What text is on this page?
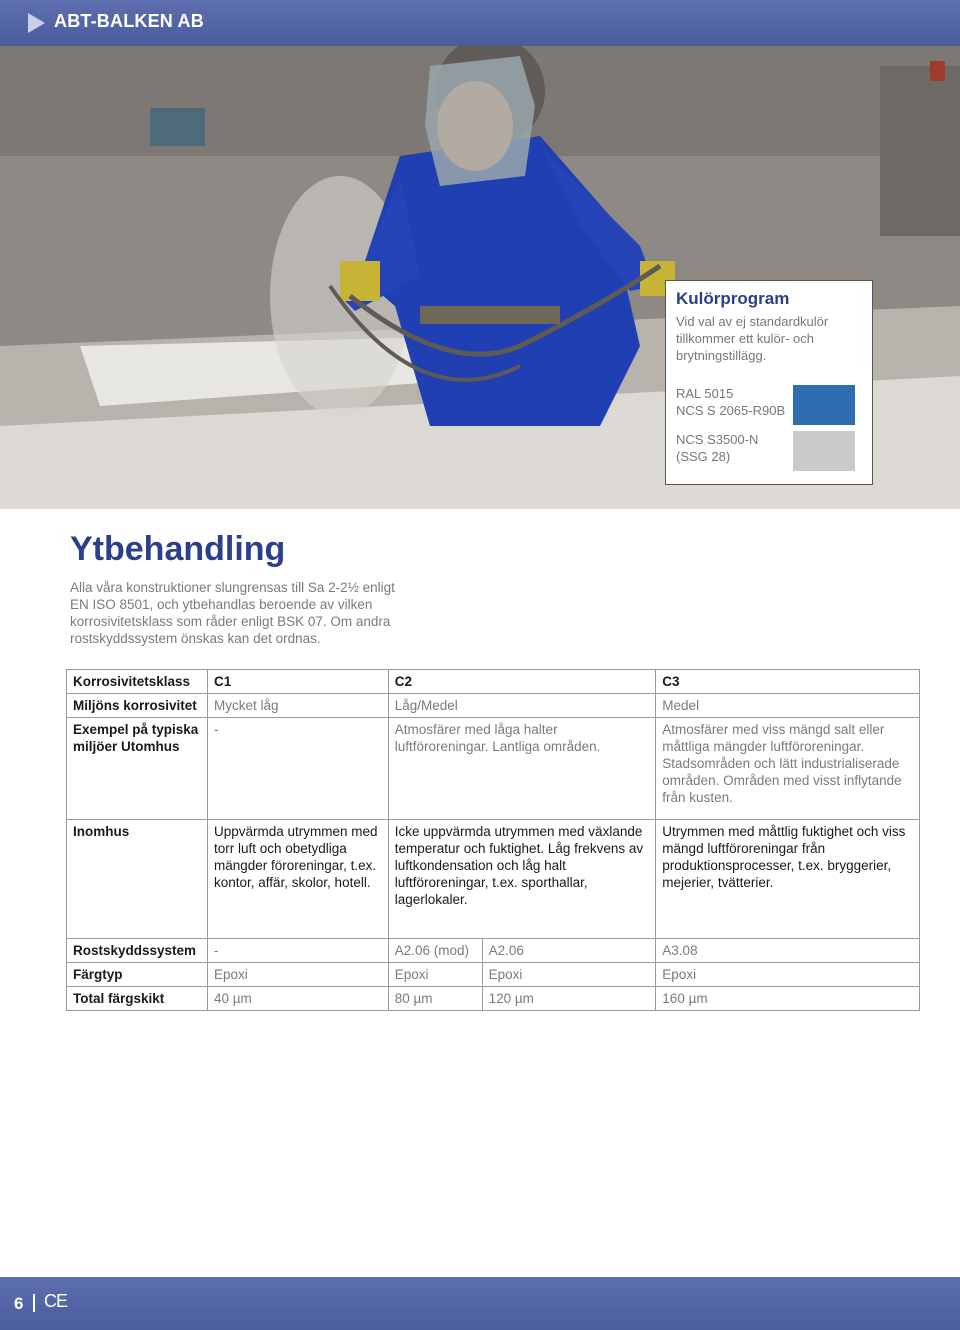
ABT-BALKEN AB
Kulörprogram
Vid val av ej standardkulör tillkommer ett kulör- och brytningstillägg.
RAL 5015
NCS S 2065-R90B
NCS S3500-N
(SSG 28)
Ytbehandling
Alla våra konstruktioner slungrensas till Sa 2-2½ enligt EN ISO 8501, och ytbehandlas beroende av vilken korrosivitetsklass som råder enligt BSK 07. Om andra rostskyddssystem önskas kan det ordnas.
Korrosivitetsklass	C1	C2		C3
Miljöns korrosivitet	Mycket låg	Låg/Medel		Medel
Exempel på typiska miljöer Utomhus	-	Atmosfärer med låga halter luftföroreningar. Lantliga områden.		Atmosfärer med viss mängd salt eller måttliga mängder luftföroreningar. Stadsområden och lätt industrialiserade områden. Områden med visst inflytande från kusten.
Inomhus	Uppvärmda utrymmen med torr luft och obetydliga mängder föroreningar, t.ex. kontor, affär, skolor, hotell.	Icke uppvärmda utrymmen med växlande temperatur och fuktighet. Låg frekvens av luftkondensation och låg halt luftföroreningar, t.ex. sporthallar, lagerlokaler.		Utrymmen med måttlig fuktighet och viss mängd luftföroreningar från produktionsprocesser, t.ex. bryggerier, mejerier, tvätterier.
Rostskyddssystem	-	A2.06 (mod)	A2.06	A3.08
Färgtyp	Epoxi	Epoxi	Epoxi	Epoxi
Total färgskikt	40 µm	80 µm	120 µm	160 µm
6 CE
